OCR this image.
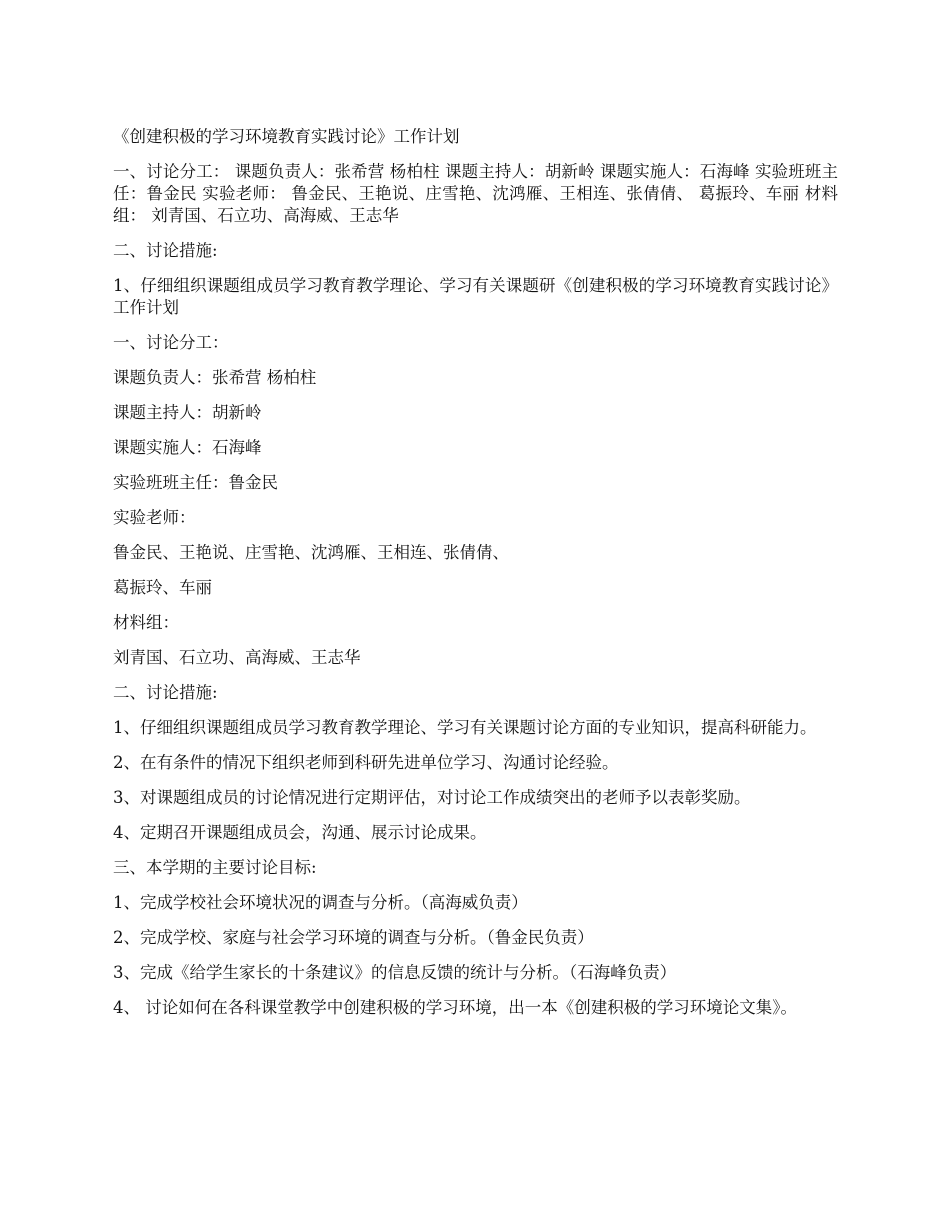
《创建积极的学习环境教育实践讨论》工作计划

一、讨论分工： 课题负责人：张希营 杨柏柱 课题主持人：胡新岭 课题实施人：石海峰 实验班班主任：鲁金民 实验老师： 鲁金民、王艳说、庄雪艳、沈鸿雁、王相连、张倩倩、 葛振玲、车丽 材料组： 刘青国、石立功、高海威、王志华

二、讨论措施:

1、仔细组织课题组成员学习教育教学理论、学习有关课题研《创建积极的学习环境教育实践讨论》工作计划

一、讨论分工：

课题负责人：张希营 杨柏柱

课题主持人：胡新岭

课题实施人：石海峰

实验班班主任：鲁金民

实验老师：

鲁金民、王艳说、庄雪艳、沈鸿雁、王相连、张倩倩、

葛振玲、车丽

材料组：

刘青国、石立功、高海威、王志华

二、讨论措施:

1、仔细组织课题组成员学习教育教学理论、学习有关课题讨论方面的专业知识，提高科研能力。

2、在有条件的情况下组织老师到科研先进单位学习、沟通讨论经验。

3、对课题组成员的讨论情况进行定期评估，对讨论工作成绩突出的老师予以表彰奖励。

4、定期召开课题组成员会，沟通、展示讨论成果。

三、本学期的主要讨论目标:

1、完成学校社会环境状况的调查与分析。（高海威负责）

2、完成学校、家庭与社会学习环境的调查与分析。（鲁金民负责）

3、完成《给学生家长的十条建议》的信息反馈的统计与分析。（石海峰负责）

4、 讨论如何在各科课堂教学中创建积极的学习环境，出一本《创建积极的学习环境论文集》。
